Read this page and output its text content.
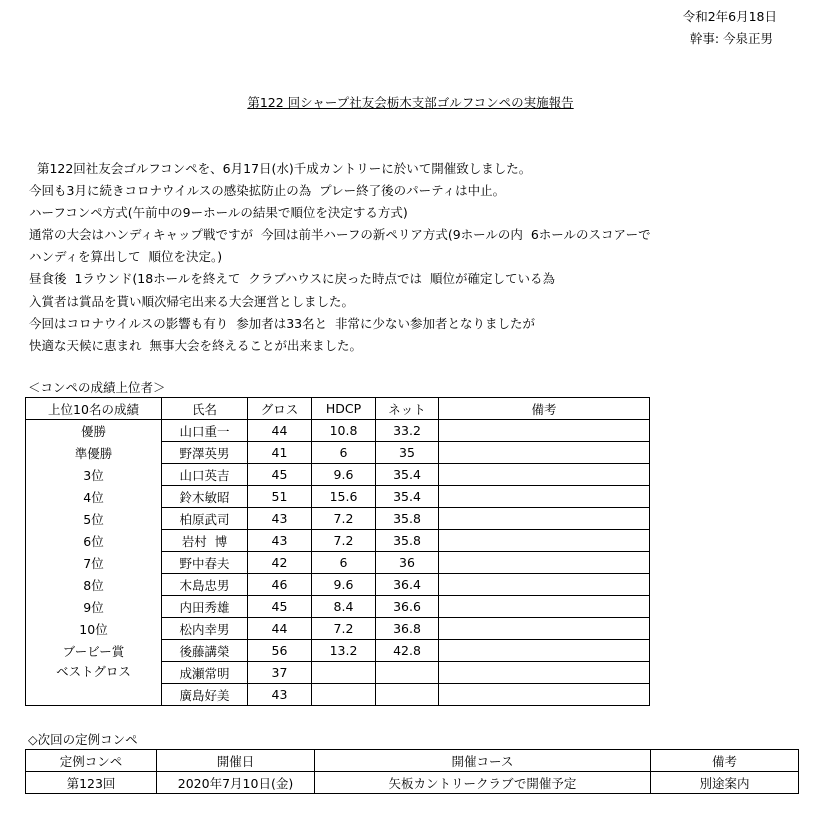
令和2年6月18日
幹事: 今泉正男
第122 回シャープ社友会栃木支部ゴルフコンペの実施報告
第122回社友会ゴルフコンペを、6月17日(水)千成カントリーに於いて開催致しました。
今回も3月に続きコロナウイルスの感染拡防止の為  プレー終了後のパーティは中止。
ハーフコンペ方式(午前中の9ーホールの結果で順位を決定する方式)
通常の大会はハンディキャップ戦ですが  今回は前半ハーフの新ペリア方式(9ホールの内  6ホールのスコアーで
ハンディを算出して  順位を決定。)
昼食後  1ラウンド(18ホールを終えて  クラブハウスに戻った時点では  順位が確定している為
入賞者は賞品を貰い順次帰宅出来る大会運営としました。
今回はコロナウイルスの影響も有り  参加者は33名と  非常に少ない参加者となりましたが
快適な天候に恵まれ  無事大会を終えることが出来ました。
＜コンペの成績上位者＞
上位10名の成績	氏名	グロス	HDCP	ネット	備考
優勝	山口重一	44	10.8	33.2	
準優勝	野澤英男	41	6	35	
3位	山口英吉	45	9.6	35.4	
4位	鈴木敏昭	51	15.6	35.4	
5位	柏原武司	43	7.2	35.8	
6位	岩村  博	43	7.2	35.8	
7位	野中春夫	42	6	36	
8位	木島忠男	46	9.6	36.4	
9位	内田秀雄	45	8.4	36.6	
10位	松内幸男	44	7.2	36.8	
ブービー賞	後藤講榮	56	13.2	42.8	
ベストグロス	成瀬常明	37			
	廣島好美	43			
◇次回の定例コンペ
定例コンペ	開催日	開催コース	備考
第123回	2020年7月10日(金)	矢板カントリークラブで開催予定	別途案内
